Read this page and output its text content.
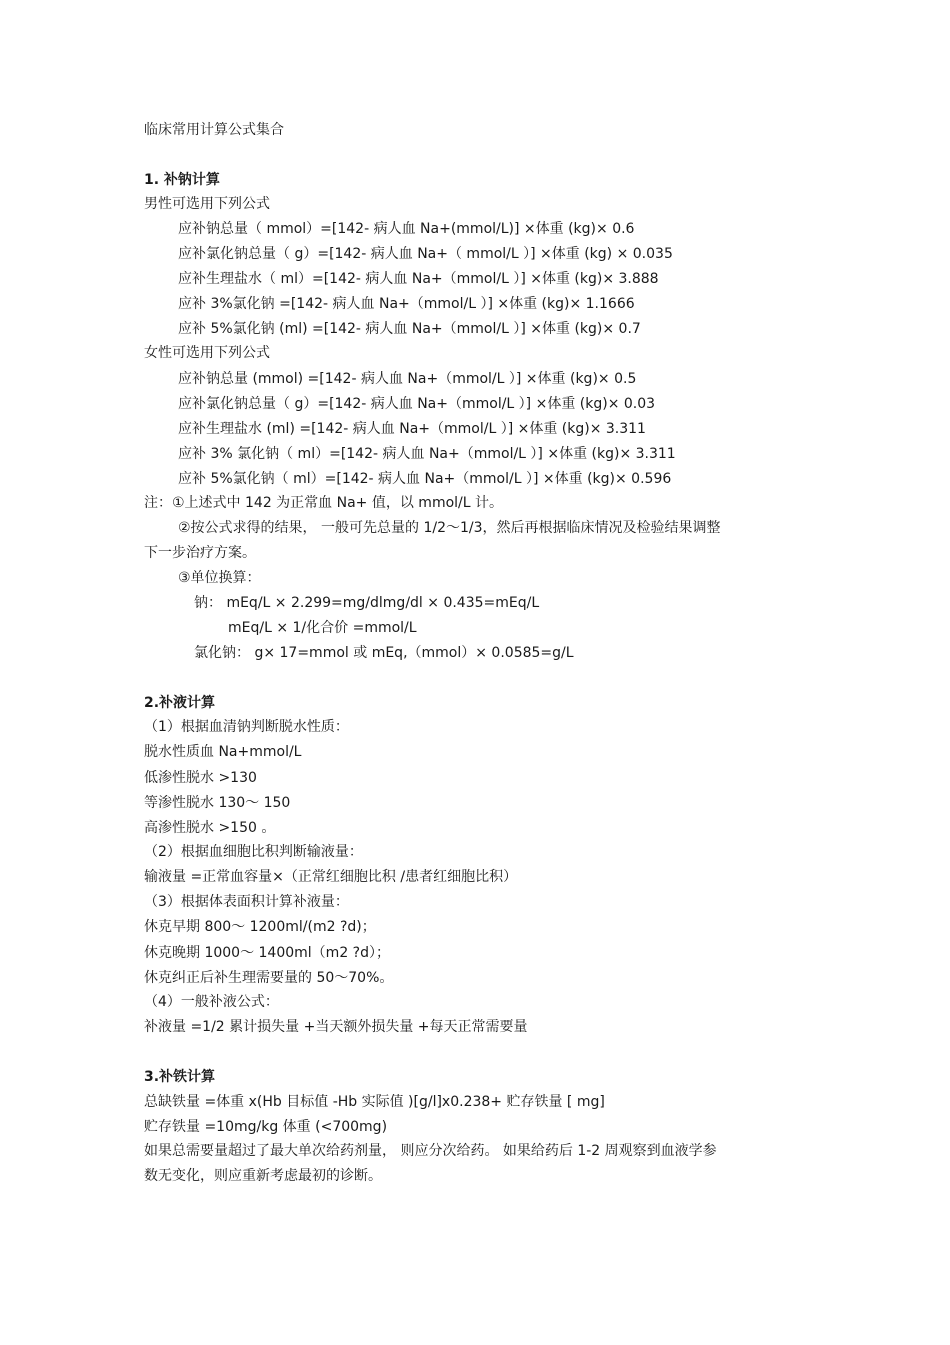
临床常用计算公式集合
1. 补钠计算
男性可选用下列公式
应补钠总量（ mmol）=[142- 病人血 Na+(mmol/L)] ×体重 (kg)× 0.6
应补氯化钠总量（ g）=[142- 病人血 Na+（ mmol/L ）] ×体重 (kg) × 0.035
应补生理盐水（ ml）=[142- 病人血 Na+（mmol/L ）] ×体重 (kg)× 3.888
应补 3%氯化钠 =[142- 病人血 Na+（mmol/L ）] ×体重 (kg)× 1.1666
应补 5%氯化钠 (ml) =[142- 病人血 Na+（mmol/L ）] ×体重 (kg)× 0.7
女性可选用下列公式
应补钠总量 (mmol) =[142- 病人血 Na+（mmol/L ）] ×体重 (kg)× 0.5
应补氯化钠总量（ g）=[142- 病人血 Na+（mmol/L ）] ×体重 (kg)× 0.03
应补生理盐水 (ml) =[142- 病人血 Na+（mmol/L ）] ×体重 (kg)× 3.311
应补 3% 氯化钠（ ml）=[142- 病人血 Na+（mmol/L ）] ×体重 (kg)× 3.311
应补 5%氯化钠（ ml）=[142- 病人血 Na+（mmol/L ）] ×体重 (kg)× 0.596
注：①上述式中 142 为正常血 Na+ 值，以 mmol/L 计。
②按公式求得的结果， 一般可先总量的 1/2～1/3，然后再根据临床情况及检验结果调整
下一步治疗方案。
③单位换算：
钠： mEq/L × 2.299=mg/dlmg/dl × 0.435=mEq/L
mEq/L × 1/化合价 =mmol/L
氯化钠： g× 17=mmol 或 mEq,（mmol）× 0.0585=g/L
2.补液计算
（1）根据血清钠判断脱水性质：
脱水性质血 Na+mmol/L
低渗性脱水 >130
等渗性脱水 130～ 150
高渗性脱水 >150 。
（2）根据血细胞比积判断输液量：
输液量 =正常血容量×（正常红细胞比积 /患者红细胞比积）
（3）根据体表面积计算补液量：
休克早期 800～ 1200ml/(m2 ?d)；
休克晚期 1000～ 1400ml（m2 ?d）；
休克纠正后补生理需要量的 50～70%。
（4）一般补液公式：
补液量 =1/2 累计损失量 +当天额外损失量 +每天正常需要量
3.补铁计算
总缺铁量 =体重 x(Hb 目标值 -Hb 实际值 )[g/l]x0.238+ 贮存铁量 [ mg]
贮存铁量 =10mg/kg 体重 (<700mg)
如果总需要量超过了最大单次给药剂量， 则应分次给药。 如果给药后 1-2 周观察到血液学参
数无变化，则应重新考虑最初的诊断。
